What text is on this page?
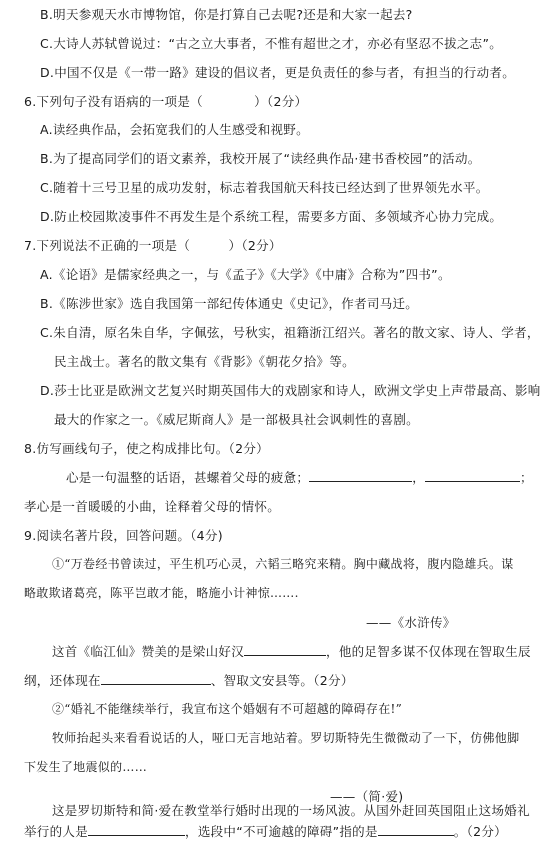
B.明天参观天水市博物馆，你是打算自己去呢?还是和大家一起去?
C.大诗人苏轼曾说过：“古之立大事者，不惟有超世之才，亦必有坚忍不拔之志”。
D.中国不仅是《一带一路》建设的倡议者，更是负责任的参与者，有担当的行动者。
6.下列句子没有语病的一项是（　　　　）（2分）
A.读经典作品，会拓宽我们的人生感受和视野。
B.为了提高同学们的语文素养，我校开展了“读经典作品·建书香校园”的活动。
C.随着十三号卫星的成功发射，标志着我国航天科技已经达到了世界领先水平。
D.防止校园欺凌事件不再发生是个系统工程，需要多方面、多领域齐心协力完成。
7.下列说法不正确的一项是（　　　）（2分）
A.《论语》是儒家经典之一，与《孟子》《大学》《中庸》合称为”四书”。
B.《陈涉世家》选自我国第一部纪传体通史《史记》，作者司马迁。
C.朱自清，原名朱自华，字佩弦，号秋实，祖籍浙江绍兴。著名的散文家、诗人、学者，
民主战士。著名的散文集有《背影》《朝花夕拾》等。
D.莎士比亚是欧洲文艺复兴时期英国伟大的戏剧家和诗人，欧洲文学史上声带最高、影响
最大的作家之一。《威尼斯商人》是一部极具社会讽刺性的喜剧。
8.仿写画线句子，使之构成排比句。（2分）
心是一句温整的话语，甚螺着父母的疲惫；	，	；
孝心是一首暖暖的小曲，诠释着父母的情怀。
9.阅读名著片段，回答问题。（4分)
①“万卷经书曾读过，平生机巧心灵，六韬三略究来精。胸中藏战将，腹内隐雄兵。谋
略敢欺诸葛亮，陈平岂敢才能，略施小计神惊…….
——《水浒传》
这首《临江仙》赞美的是梁山好汉	，他的足智多谋不仅体现在智取生辰
纲，还体现在	、智取文安县等。（2分）
②“婚礼不能继续举行，我宣布这个婚姻有不可超越的障碍存在!”
牧师抬起头来看看说话的人，哑口无言地站着。罗切斯特先生微微动了一下，仿佛他脚
下发生了地震似的……
——（简·爱)
这是罗切斯特和简·爱在教堂举行婚时出现的一场风波。从国外赶回英国阻止这场婚礼
举行的人是	，选段中“不可逾越的障碍”指的是	。（2分）
